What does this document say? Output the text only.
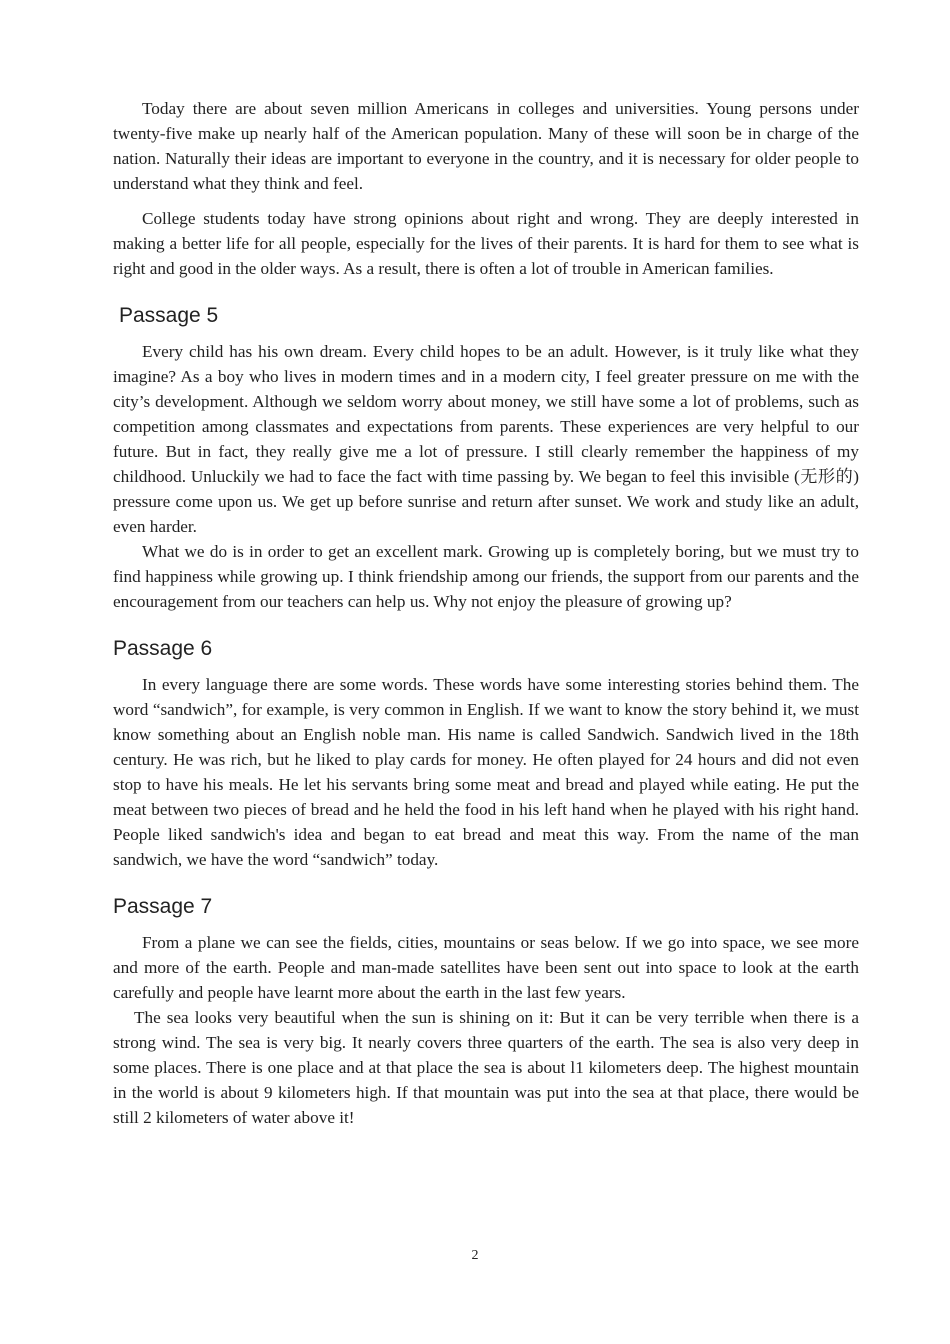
Today there are about seven million Americans in colleges and universities. Young persons under twenty-five make up nearly half of the American population. Many of these will soon be in charge of the nation. Naturally their ideas are important to everyone in the country, and it is necessary for older people to understand what they think and feel.

College students today have strong opinions about right and wrong. They are deeply interested in making a better life for all people, especially for the lives of their parents. It is hard for them to see what is right and good in the older ways. As a result, there is often a lot of trouble in American families.

Passage 5

Every child has his own dream. Every child hopes to be an adult. However, is it truly like what they imagine? As a boy who lives in modern times and in a modern city, I feel greater pressure on me with the city’s development. Although we seldom worry about money, we still have some a lot of problems, such as competition among classmates and expectations from parents. These experiences are very helpful to our future. But in fact, they really give me a lot of pressure. I still clearly remember the happiness of my childhood. Unluckily we had to face the fact with time passing by. We began to feel this invisible (无形的) pressure come upon us. We get up before sunrise and return after sunset. We work and study like an adult, even harder.

What we do is in order to get an excellent mark. Growing up is completely boring, but we must try to find happiness while growing up. I think friendship among our friends, the support from our parents and the encouragement from our teachers can help us. Why not enjoy the pleasure of growing up?

Passage 6

In every language there are some words. These words have some interesting stories behind them. The word “sandwich”, for example, is very common in English. If we want to know the story behind it, we must know something about an English noble man. His name is called Sandwich. Sandwich lived in the 18th century. He was rich, but he liked to play cards for money. He often played for 24 hours and did not even stop to have his meals. He let his servants bring some meat and bread and played while eating. He put the meat between two pieces of bread and he held the food in his left hand when he played with his right hand. People liked sandwich's idea and began to eat bread and meat this way. From the name of the man sandwich, we have the word “sandwich” today.

Passage 7

From a plane we can see the fields, cities, mountains or seas below. If we go into space, we see more and more of the earth. People and man-made satellites have been sent out into space to look at the earth carefully and people have learnt more about the earth in the last few years.

The sea looks very beautiful when the sun is shining on it: But it can be very terrible when there is a strong wind. The sea is very big. It nearly covers three quarters of the earth. The sea is also very deep in some places. There is one place and at that place the sea is about l1 kilometers deep. The highest mountain in the world is about 9 kilometers high. If that mountain was put into the sea at that place, there would be still 2 kilometers of water above it!

2
